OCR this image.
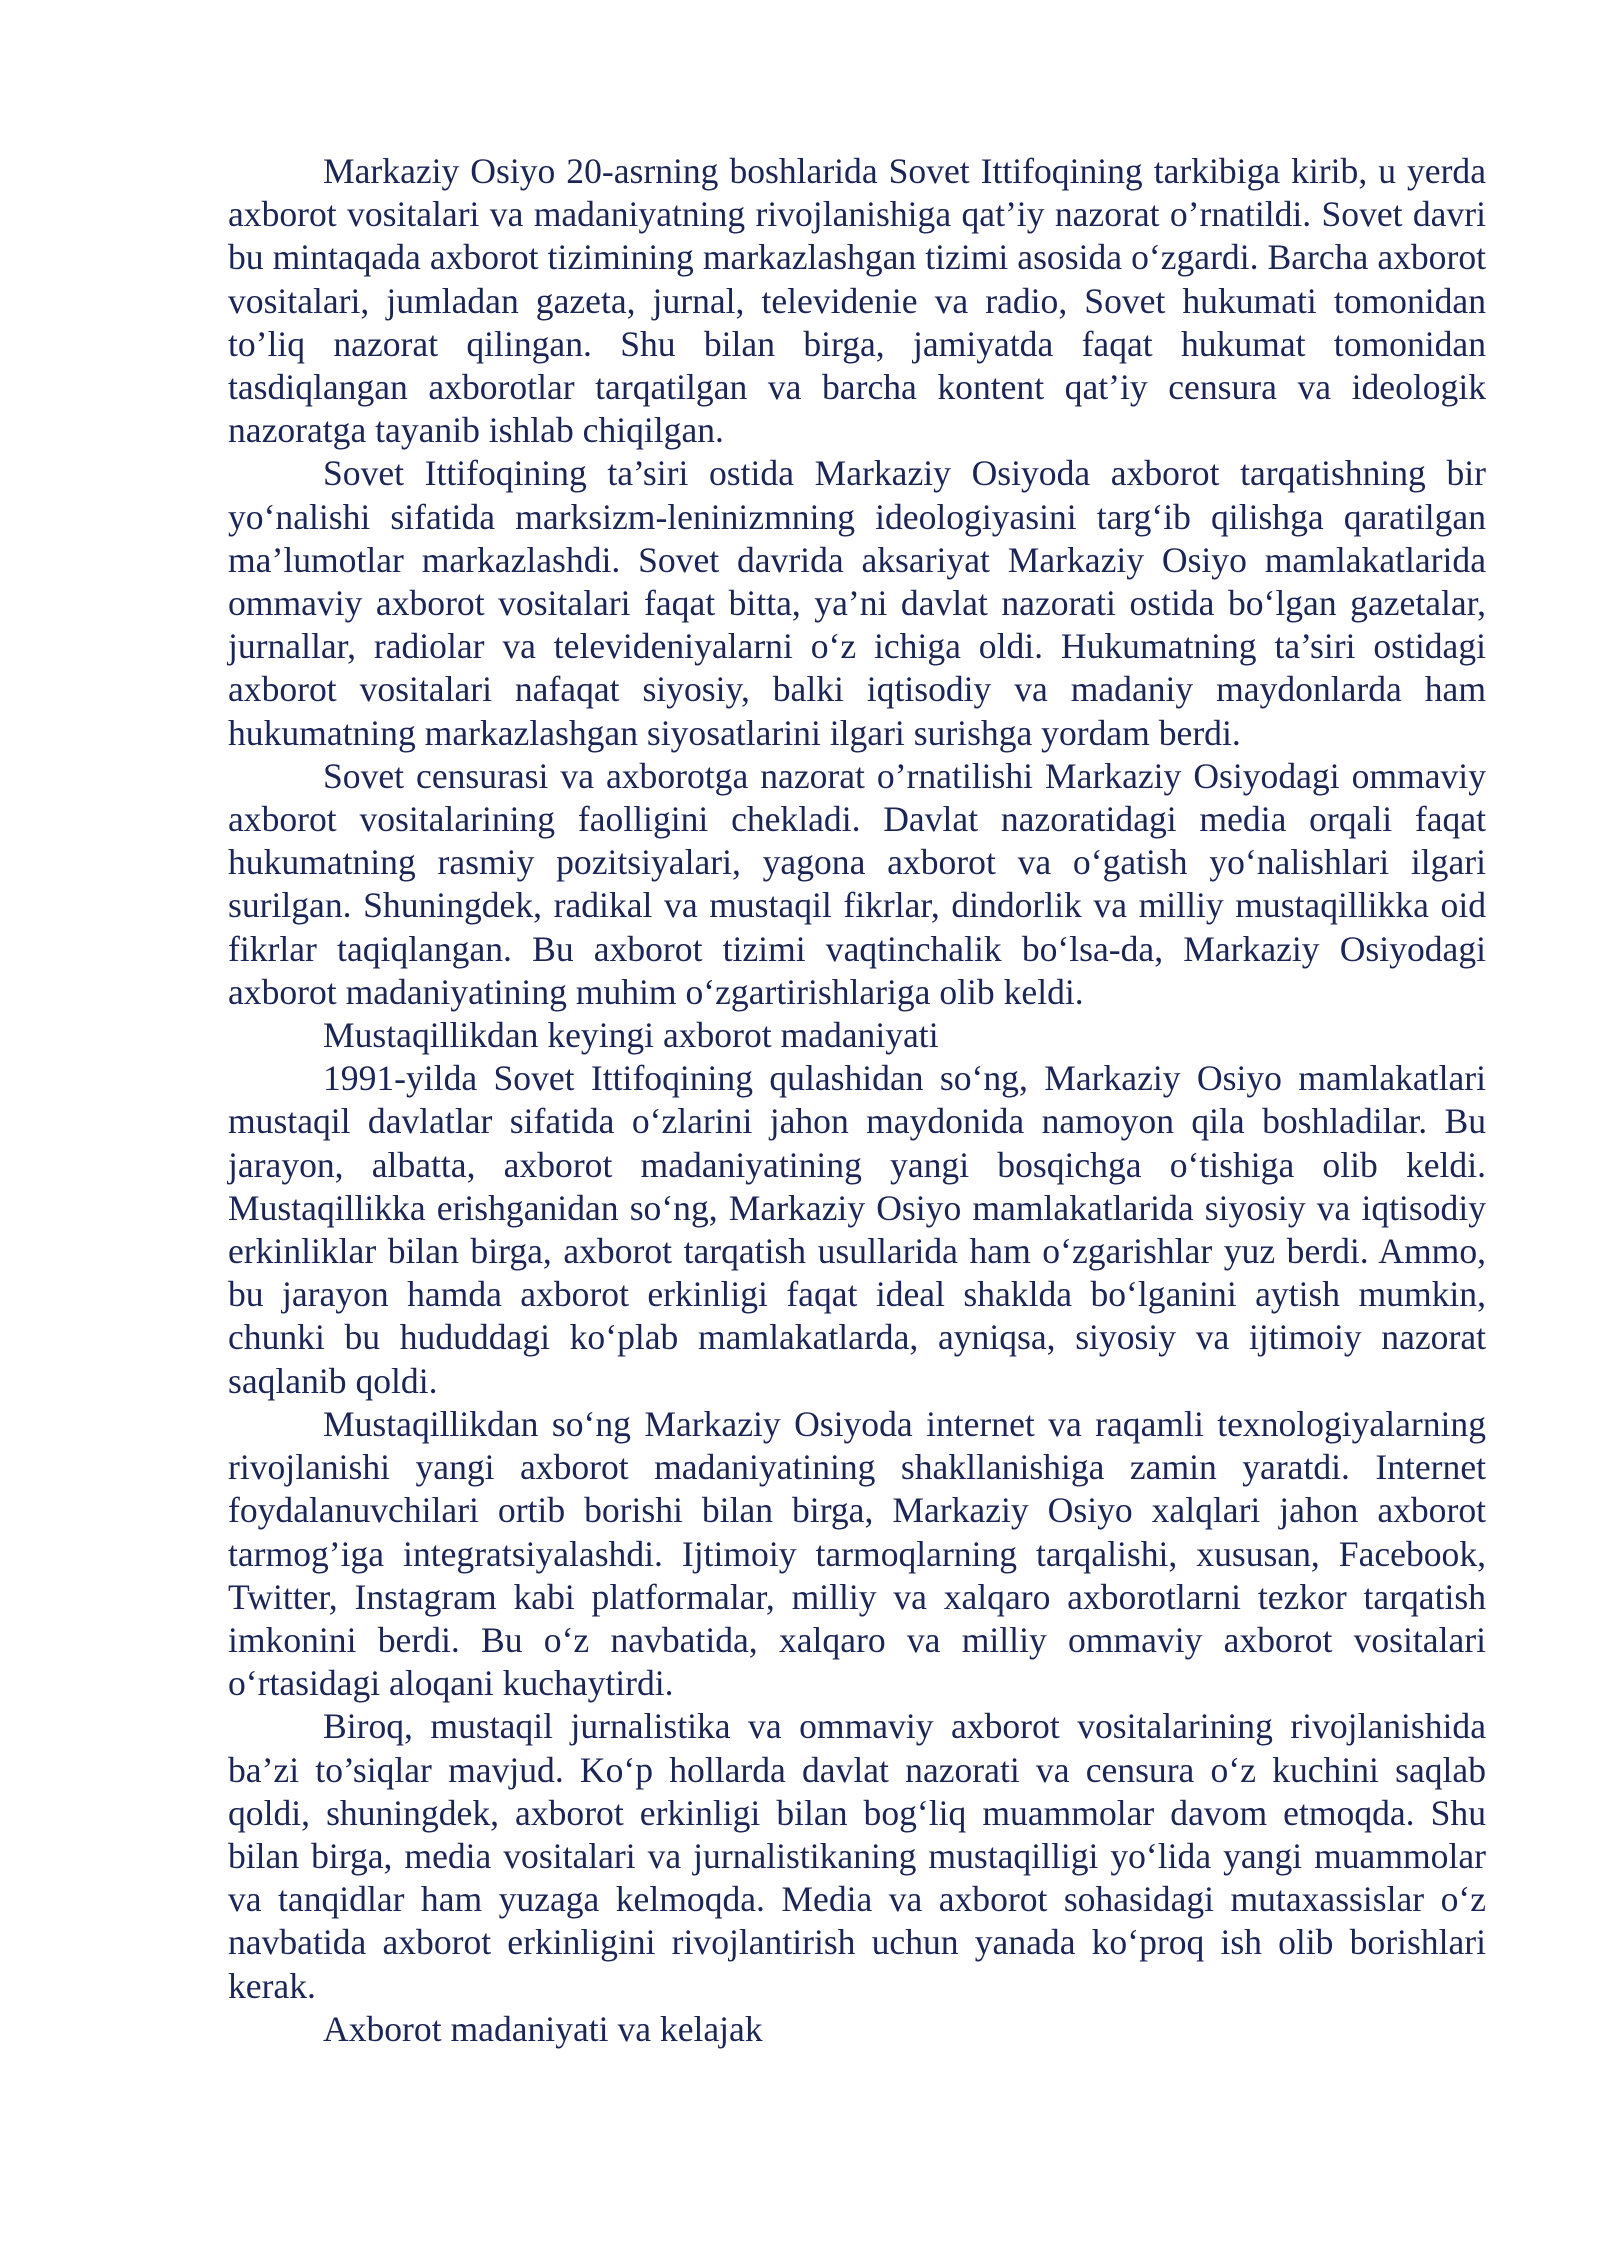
Markaziy Osiyo 20-asrning boshlarida Sovet Ittifoqining tarkibiga kirib, u yerda axborot vositalari va madaniyatning rivojlanishiga qat’iy nazorat o’rnatildi. Sovet davri bu mintaqada axborot tizimining markazlashgan tizimi asosida oʻzgardi. Barcha axborot vositalari, jumladan gazeta, jurnal, televidenie va radio, Sovet hukumati tomonidan to’liq nazorat qilingan. Shu bilan birga, jamiyatda faqat hukumat tomonidan tasdiqlangan axborotlar tarqatilgan va barcha kontent qat’iy censura va ideologik nazoratga tayanib ishlab chiqilgan.

Sovet Ittifoqining ta’siri ostida Markaziy Osiyoda axborot tarqatishning bir yoʻnalishi sifatida marksizm-leninizmning ideologiyasini targʻib qilishga qaratilgan ma’lumotlar markazlashdi. Sovet davrida aksariyat Markaziy Osiyo mamlakatlarida ommaviy axborot vositalari faqat bitta, ya’ni davlat nazorati ostida boʻlgan gazetalar, jurnallar, radiolar va televideniyalarni oʻz ichiga oldi. Hukumatning ta’siri ostidagi axborot vositalari nafaqat siyosiy, balki iqtisodiy va madaniy maydonlarda ham hukumatning markazlashgan siyosatlarini ilgari surishga yordam berdi.

Sovet censurasi va axborotga nazorat o’rnatilishi Markaziy Osiyodagi ommaviy axborot vositalarining faolligini chekladi. Davlat nazoratidagi media orqali faqat hukumatning rasmiy pozitsiyalari, yagona axborot va oʻgatish yoʻnalishlari ilgari surilgan. Shuningdek, radikal va mustaqil fikrlar, dindorlik va milliy mustaqillikka oid fikrlar taqiqlangan. Bu axborot tizimi vaqtinchalik boʻlsa-da, Markaziy Osiyodagi axborot madaniyatining muhim oʻzgartirishlariga olib keldi.

Mustaqillikdan keyingi axborot madaniyati

1991-yilda Sovet Ittifoqining qulashidan soʻng, Markaziy Osiyo mamlakatlari mustaqil davlatlar sifatida oʻzlarini jahon maydonida namoyon qila boshladilar. Bu jarayon, albatta, axborot madaniyatining yangi bosqichga oʻtishiga olib keldi. Mustaqillikka erishganidan soʻng, Markaziy Osiyo mamlakatlarida siyosiy va iqtisodiy erkinliklar bilan birga, axborot tarqatish usullarida ham oʻzgarishlar yuz berdi. Ammo, bu jarayon hamda axborot erkinligi faqat ideal shaklda boʻlganini aytish mumkin, chunki bu hududdagi koʻplab mamlakatlarda, ayniqsa, siyosiy va ijtimoiy nazorat saqlanib qoldi.

Mustaqillikdan soʻng Markaziy Osiyoda internet va raqamli texnologiyalarning rivojlanishi yangi axborot madaniyatining shakllanishiga zamin yaratdi. Internet foydalanuvchilari ortib borishi bilan birga, Markaziy Osiyo xalqlari jahon axborot tarmog’iga integratsiyalashdi. Ijtimoiy tarmoqlarning tarqalishi, xususan, Facebook, Twitter, Instagram kabi platformalar, milliy va xalqaro axborotlarni tezkor tarqatish imkonini berdi. Bu oʻz navbatida, xalqaro va milliy ommaviy axborot vositalari oʻrtasidagi aloqani kuchaytirdi.

Biroq, mustaqil jurnalistika va ommaviy axborot vositalarining rivojlanishida ba’zi to’siqlar mavjud. Koʻp hollarda davlat nazorati va censura oʻz kuchini saqlab qoldi, shuningdek, axborot erkinligi bilan bogʻliq muammolar davom etmoqda. Shu bilan birga, media vositalari va jurnalistikaning mustaqilligi yoʻlida yangi muammolar va tanqidlar ham yuzaga kelmoqda. Media va axborot sohasidagi mutaxassislar oʻz navbatida axborot erkinligini rivojlantirish uchun yanada koʻproq ish olib borishlari kerak.

Axborot madaniyati va kelajak
